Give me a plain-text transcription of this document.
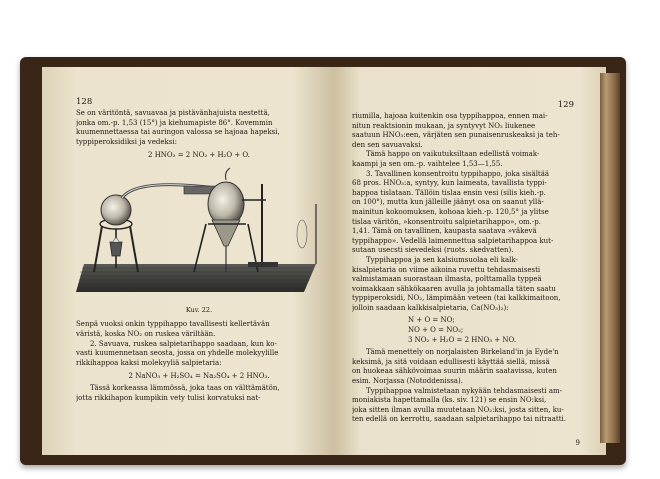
128

Se on väritöntä, savuavaa ja pistävänhajuista nestettä,

jonka om.-p. 1,53 (15°) ja kiehumapiste 86°. Kovemmin

kuumennettaessa tai auringon valossa se hajoaa hapeksi,

typpiperoksidiksi ja vedeksi:

2 HNO₃ = 2 NO₂ + H₂O + O.
Kuv. 22.

Senpä vuoksi onkin typpihappo tavallisesti kellertävän

väristä, koska NO₂ on ruskea väriltään.

2. Savuava, ruskea salpietarihappo saadaan, kun ko-

vasti kuumennetaan seosta, jossa on yhdelle molekyylille

rikkihappoa kaksi molekyyliä salpietaria:

2 NaNO₃ + H₂SO₄ = Na₂SO₄ + 2 HNO₃.

Tässä korkeassa lämmössä, joka taas on välttämätön,

jotta rikkihapon kumpikin vety tulisi korvatuksi nat-

129

riumilla, hajoaa kuitenkin osa typpihappoa, ennen mai-

nitun reaktsionin mukaan, ja syntyvyt NO₂ liukenee

saatuun HNO₃:een, värjäten sen punaisenruskeaksi ja teh-

den sen savuavaksi.

Tämä happo on vaikutuksiltaan edellistä voimak-

kaampi ja sen om.-p. vaihtelee 1,53—1,55.

3. Tavallinen konsentroitu typpihappo, joka sisältää

68 pros. HNO₃:a, syntyy, kun laimeata, tavallista typpi-

happoa tislataan. Tällöin tislaa ensin vesi (silis kieh.-p.

on 100°), mutta kun jälleille jäänyt osa on saanut yllä-

mainitun kokoomuksen, kohoaa kieh.-p. 120,5° ja ylitse

tislaa väritön, »konsentroitu salpietarihappo», om.-p.

1,41. Tämä on tavallinen, kaupasta saatava »väkevä

typpihappo». Vedellä laimennettua salpietarihappoa kut-

sutaan usecsti sievedeksi (ruots. skedvatten).

Typpihappoa ja sen kalsiumsuolaa eli kalk-

kisalpietaria on viime aikoina ruvettu tehdasmaisesti

valmistamaan suorastaan ilmasta, polttamalla typpeä

voimakkaan sähkökaaren avulla ja johtamalla täten saatu

typpiperoksidi, NO₂, lämpimään veteen (tai kalkkimaitoon,

jolloin saadaan kalkkisalpietaria, Ca(NO₃)₂):

N + O = NO;

NO + O = NO₂;

3 NO₂ + H₂O = 2 HNO₃ + NO.

Tämä menettely on norjalaisten Birkeland'in ja Eyde'n

keksimä, ja sitä voidaan edullisesti käyttää siellä, missä

on huokeaa sähkövoimaa suurin määrin saatavissa, kuten

esim. Norjassa (Notoddenissa).

Typpihappoa valmistetaan nykyään tehdasmaisesti am-

moniakista hapettamalla (ks. siv. 121) se ensin NO:ksi,

joka sitten ilman avulla muutetaan NO₂:ksi, josta sitten, ku-

ten edellä on kerrottu, saadaan salpietarihappo tai nitraatti.

9
